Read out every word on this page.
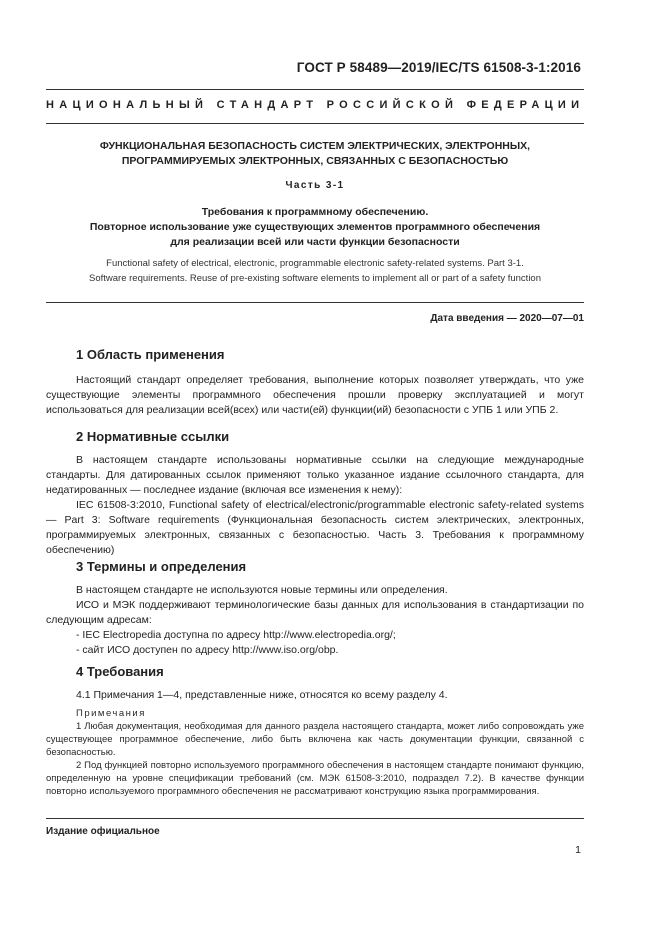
ГОСТ Р 58489—2019/IEC/TS 61508-3-1:2016
НАЦИОНАЛЬНЫЙ СТАНДАРТ РОССИЙСКОЙ ФЕДЕРАЦИИ
ФУНКЦИОНАЛЬНАЯ БЕЗОПАСНОСТЬ СИСТЕМ ЭЛЕКТРИЧЕСКИХ, ЭЛЕКТРОННЫХ,
ПРОГРАММИРУЕМЫХ ЭЛЕКТРОННЫХ, СВЯЗАННЫХ С БЕЗОПАСНОСТЬЮ
Часть 3-1
Требования к программному обеспечению.
Повторное использование уже существующих элементов программного обеспечения
для реализации всей или части функции безопасности
Functional safety of electrical, electronic, programmable electronic safety-related systems. Part 3-1.
Software requirements. Reuse of pre-existing software elements to implement all or part of a safety function
Дата введения — 2020—07—01
1 Область применения

Настоящий стандарт определяет требования, выполнение которых позволяет утверждать, что уже существующие элементы программного обеспечения прошли проверку эксплуатацией и могут использоваться для реализации всей(всех) или части(ей) функции(ий) безопасности с УПБ 1 или УПБ 2.

2 Нормативные ссылки

В настоящем стандарте использованы нормативные ссылки на следующие международные стандарты. Для датированных ссылок применяют только указанное издание ссылочного стандарта, для недатированных — последнее издание (включая все изменения к нему):

IEC 61508-3:2010, Functional safety of electrical/electronic/programmable electronic safety-related systems — Part 3: Software requirements (Функциональная безопасность систем электрических, электронных, программируемых электронных, связанных с безопасностью. Часть 3. Требования к программному обеспечению)

3 Термины и определения

В настоящем стандарте не используются новые термины или определения.

ИСО и МЭК поддерживают терминологические базы данных для использования в стандартизации по следующим адресам:

- IEC Electropedia доступна по адресу http://www.electropedia.org/;
- сайт ИСО доступен по адресу http://www.iso.org/obp.
4 Требования

4.1 Примечания 1—4, представленные ниже, относятся ко всему разделу 4.

Примечания

1 Любая документация, необходимая для данного раздела настоящего стандарта, может либо сопровождать уже существующее программное обеспечение, либо быть включена как часть документации функции, связанной с безопасностью.

2 Под функцией повторно используемого программного обеспечения в настоящем стандарте понимают функцию, определенную на уровне спецификации требований (см. МЭК 61508-3:2010, подраздел 7.2). В качестве функции повторно используемого программного обеспечения не рассматривают конструкцию языка программирования.

Издание официальное
1
